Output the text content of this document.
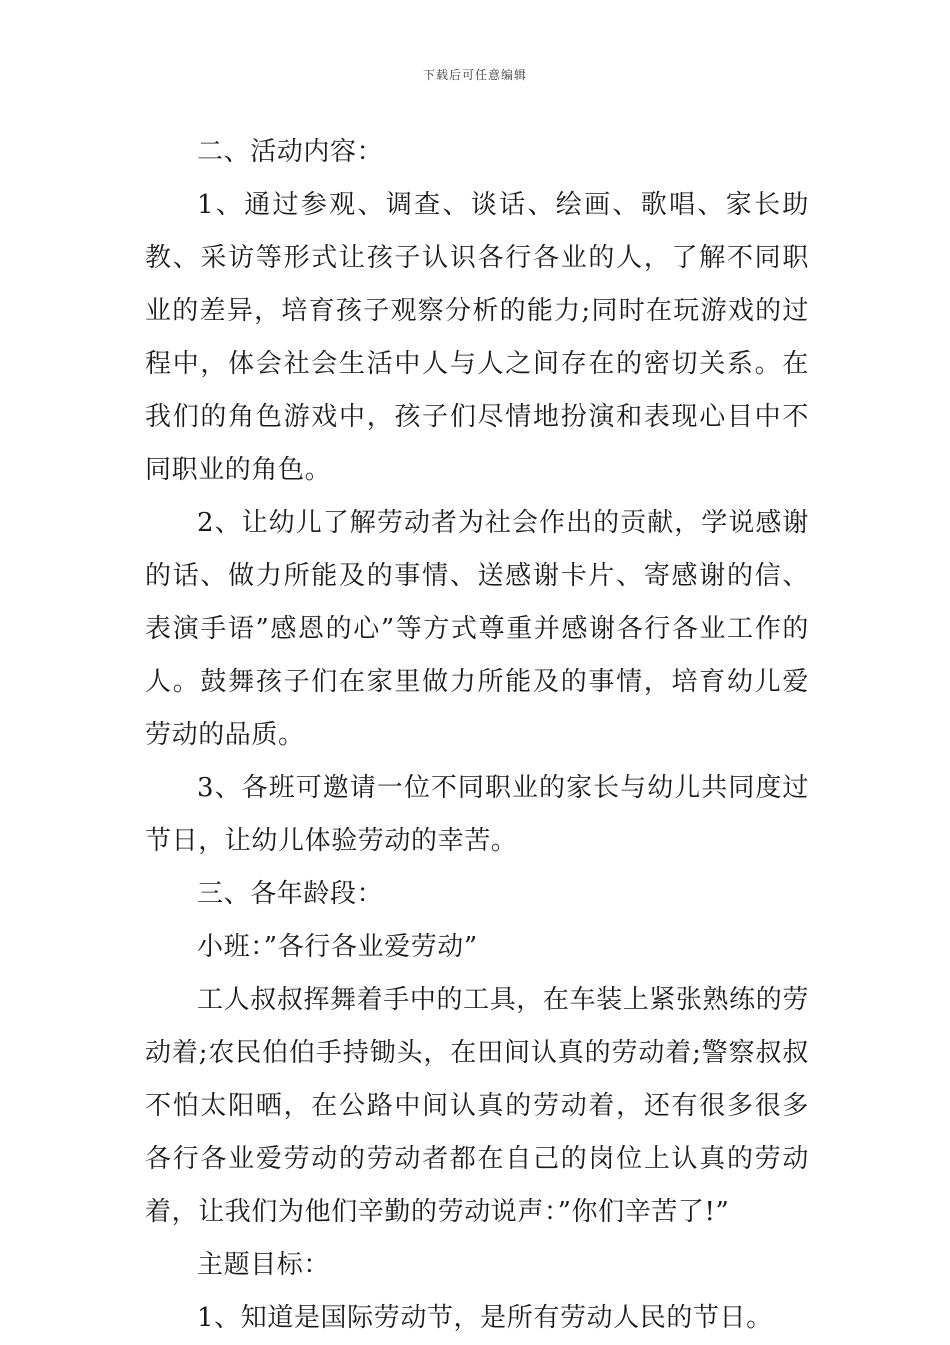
下载后可任意编辑

二、活动内容：

1、通过参观、调查、谈话、绘画、歌唱、家长助教、采访等形式让孩子认识各行各业的人，了解不同职业的差异，培育孩子观察分析的能力;同时在玩游戏的过程中，体会社会生活中人与人之间存在的密切关系。在我们的角色游戏中，孩子们尽情地扮演和表现心目中不同职业的角色。

2、让幼儿了解劳动者为社会作出的贡献，学说感谢的话、做力所能及的事情、送感谢卡片、寄感谢的信、表演手语”感恩的心”等方式尊重并感谢各行各业工作的人。鼓舞孩子们在家里做力所能及的事情，培育幼儿爱劳动的品质。

3、各班可邀请一位不同职业的家长与幼儿共同度过节日，让幼儿体验劳动的幸苦。

三、各年龄段：

小班：”各行各业爱劳动”

工人叔叔挥舞着手中的工具，在车装上紧张熟练的劳动着;农民伯伯手持锄头，在田间认真的劳动着;警察叔叔不怕太阳晒，在公路中间认真的劳动着，还有很多很多各行各业爱劳动的劳动者都在自己的岗位上认真的劳动着，让我们为他们辛勤的劳动说声：”你们辛苦了!”

主题目标：

1、知道是国际劳动节，是所有劳动人民的节日。
